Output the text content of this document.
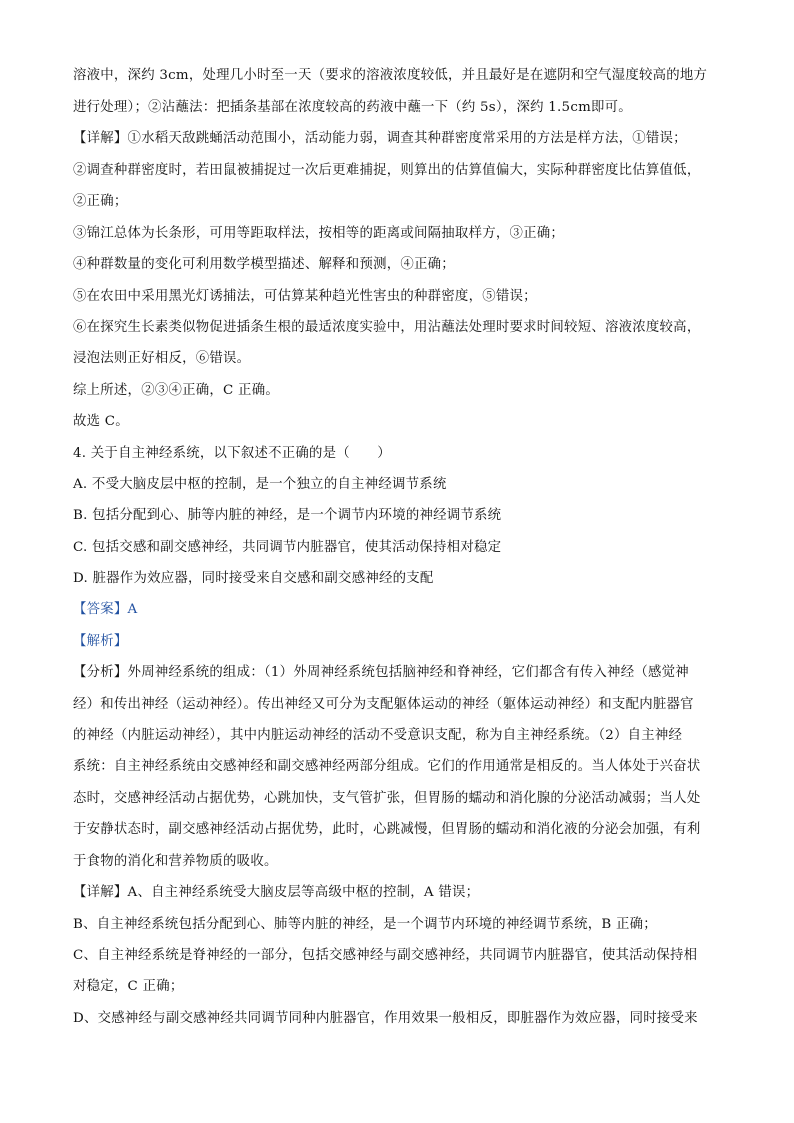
溶液中，深约 3cm，处理几小时至一天（要求的溶液浓度较低，并且最好是在遮阴和空气湿度较高的地方
进行处理）；②沾蘸法：把插条基部在浓度较高的药液中蘸一下（约 5s），深约 1.5cm即可。
【详解】①水稻天敌跳蛹活动范围小，活动能力弱，调查其种群密度常采用的方法是样方法，①错误；
②调查种群密度时，若田鼠被捕捉过一次后更难捕捉，则算出的估算值偏大，实际种群密度比估算值低，
②正确；
③锦江总体为长条形，可用等距取样法，按相等的距离或间隔抽取样方，③正确；
④种群数量的变化可利用数学模型描述、解释和预测，④正确；
⑤在农田中采用黑光灯诱捕法，可估算某种趋光性害虫的种群密度，⑤错误；
⑥在探究生长素类似物促进插条生根的最适浓度实验中，用沾蘸法处理时要求时间较短、溶液浓度较高，
浸泡法则正好相反，⑥错误。
综上所述，②③④正确，C 正确。
故选 C。
4. 关于自主神经系统，以下叙述不正确的是（　　）
A. 不受大脑皮层中枢的控制，是一个独立的自主神经调节系统
B. 包括分配到心、肺等内脏的神经，是一个调节内环境的神经调节系统
C. 包括交感和副交感神经，共同调节内脏器官，使其活动保持相对稳定
D. 脏器作为效应器，同时接受来自交感和副交感神经的支配
【答案】A
【解析】
【分析】外周神经系统的组成：（1）外周神经系统包括脑神经和脊神经，它们都含有传入神经（感觉神
经）和传出神经（运动神经）。传出神经又可分为支配躯体运动的神经（躯体运动神经）和支配内脏器官
的神经（内脏运动神经），其中内脏运动神经的活动不受意识支配，称为自主神经系统。（2）自主神经
系统：自主神经系统由交感神经和副交感神经两部分组成。它们的作用通常是相反的。当人体处于兴奋状
态时，交感神经活动占据优势，心跳加快，支气管扩张，但胃肠的蠕动和消化腺的分泌活动减弱；当人处
于安静状态时，副交感神经活动占据优势，此时，心跳减慢，但胃肠的蠕动和消化液的分泌会加强，有利
于食物的消化和营养物质的吸收。
【详解】A、自主神经系统受大脑皮层等高级中枢的控制，A 错误；
B、自主神经系统包括分配到心、肺等内脏的神经，是一个调节内环境的神经调节系统，B 正确；
C、自主神经系统是脊神经的一部分，包括交感神经与副交感神经，共同调节内脏器官，使其活动保持相
对稳定，C 正确；
D、交感神经与副交感神经共同调节同种内脏器官，作用效果一般相反，即脏器作为效应器，同时接受来
